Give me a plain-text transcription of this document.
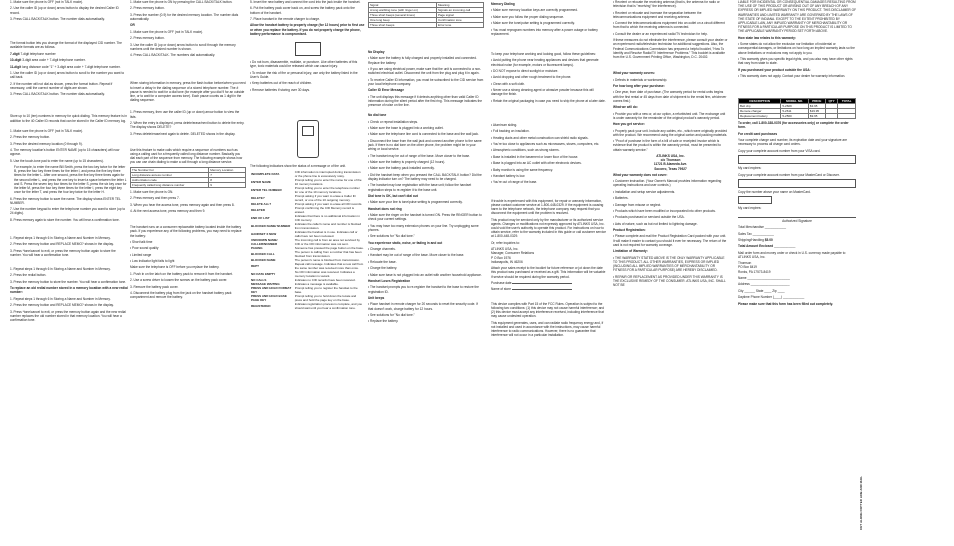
1. Make sure the phone is OFF (not in TALK mode).

2. Use the caller ID (up or down) arrow button to display the desired Caller ID record.

3. Press CALL BACK/TALK button. The number dials automatically.

The format button lets you change the format of the displayed CID number. The available formats are as follows.

7-digit 7-digit telephone number

10-digit 3-digit area code + 7-digit telephone number.

11-digit long distance code "1" + 3-digit area code + 7-digit telephone number.

1. Use the caller ID (up or down) arrow button to scroll to the number you want to call back.

2. If the number will not dial as shown, press the format button. Repeat if necessary, until the correct number of digits are shown.

3. Press CALL BACK/TALK button. The number dials automatically.

Store up to 10 (ten) numbers in memory for quick dialing. This memory feature is in addition to the 40 Caller ID records that can be stored in the Caller ID memory log.

1. Make sure the phone is OFF (not in TALK mode).

2. Press the memory button.

3. Press the desired memory location (0 through 9).

4. The memory location's button ENTER NAME (up to 15 characters) will now appear.

5. Use the touch-tone pad to enter the name (up to 15 characters).

For example, to enter the name Bill Smith, press the two key twice for the letter B, press the four key three times for the letter I, and press the five key three times for the letter L. After one second, press the five key three times again for the second letter L, and press the one key to insert a space between the letter L and S. Press the seven key four times for the letter S, press the six key once for the letter M, press the four key three times for the letter I, press the eight key once for the letter T, and press the four key twice for the letter H.

6. Press the memory button to save the name. The display shows ENTER TEL NUMBER.

7. Use the number keypad to enter the telephone number you want to store (up to 24 digits).

8. Press memory again to store the number. You will hear a confirmation tone.

1. Repeat steps 1 through 6 in Storing a Name and Number in Memory.

2. Press the memory button and REPLACE MEMO? shows in the display.

3. Press *tone/cancel to exit, or press the memory button again to store the number. You will hear a confirmation tone.

1. Repeat steps 1 through 6 in Storing a Name and Number in Memory.

2. Press the redial button.

3. Press the memory button to store the number. You will hear a confirmation tone.

To replace an old redial number stored in a memory location with a new redial number:

1. Repeat steps 1 through 6 in Storing a Name and Number in Memory.

2. Press the memory button and REPLACE MEMO? shows in the display.

3. Press *tone/cancel to exit, or press the memory button again and the new redial number replaces the old number stored in that memory location. You will hear a confirmation tone.

1. Make sure the phone is ON by pressing the CALL BACK/TALK button.

2. Press memory button.

3. Press the number (0-9) for the desired memory location. The number dials automatically.

OR

1. Make sure the phone is OFF (not in TALK mode).

2. Press memory button.

3. Use the caller ID (up or down) arrow button to scroll through the memory numbers until the desired number is shown.

4. Press CALL BACK/TALK. The numbers dial automatically.

When storing information in memory, press the flash button before/when you need to insert a delay in the dialing sequence of a stored telephone number. The # pause is needed to wait for a dial tone (for example after you dial 9 for an outside line, or to wait for a computer access tone). Each pause counts as 1 digit in the dialing sequence.

1. Press memory, then use the caller ID (up or down) arrow button to view the lists.

2. When the entry is displayed, press delete/erase/next button to delete the entry. The display shows DELETE?

3. Press delete/erase/next again to delete. DELETED shows in the display.

Use this feature to make calls which require a sequence of numbers such as using a calling card for a frequently called long distance number. Basically you dial each part of the sequence from memory. The following example shows how you can use chain dialing to make a call through a long distance service.

The Number For	Memory Location
Long distance access number	7
Authorization code	8
Frequently called long distance number	9

1. Make sure the phone is ON.

2. Press memory and then press 7.

3. When you hear the access tone, press memory again and then press 8.

4. At the next access tone, press memory and then 9.

The handset runs on a consumer replaceable battery located inside the battery pack. If you experience any of the following problems, you may need to replace the battery:

• Short talk time

• Poor sound quality

• Limited range

• Low indicator light fails to light

Make sure the telephone is OFF before you replace the battery.

1. Push in on the latch on the battery pack to remove it from the handset.

2. Use a screw driver to loosen the screws on the battery pack cover.

3. Remove the battery pack cover.

4. Disconnect the battery plug from the jack on the handset battery pack compartment and remove the battery.

5. Insert the new battery and connect the cord into the jack inside the handset.

6. Put the battery pack cover back on, and screw the battery pack onto the bottom of the handset.

7. Place handset in the remote charger to charge.

Allow the handset battery to properly charge (for 12 hours) prior to first use or when you replace the battery. If you do not properly charge the phone, battery performance is compromised.

• Do not burn, disassemble, mutilate, or puncture. Like other batteries of this type, toxic materials could be released which can cause injury.

• To reduce the risk of fire or personal injury, use only the battery listed in the User's Guide.

• Keep batteries out of the reach of children.

• Remove batteries if storing over 30 days.

The following indicators show the status of a message or of the unit.

INCOMPLETE DATA	CID information is interrupted during transmission or the phone line is excessively noisy.
ENTER NAME	Prompt telling you to enter the name for one of the 10 memory locations.
ENTER TEL NUMBER	Prompt telling you to enter the telephone number for one of the 10 memory locations.
DELETE?	Prompt asking if you want to erase a Caller ID record, or one of the 10 outgoing memory.
DELETE ALL?	Prompt asking if you want to erase all CID records.
DELETED	Prompt confirming the CID Memory record is erased.
END OF LIST	Indicates that there is no additional information in CID memory.
BLOCKED NAME/ NUMBER	Indicates the caller's name and number is blocked from transmission.
HANDSET X NEW	Indicates the handset is in use. Indicates call or calls have not been reviewed.
UNKNOWN NAME/ CALLER/NUMBER	The incoming call is from an area not serviced by CID or the CID information was not sent.
PAGING	Someone has pressed the page button on the base.
BLOCKED CALL	The person is calling from a number that has been blocked from transmission.
BLOCKED NAME	The person's name is blocked from transmission.
REPT	Repeat call message. Indicates that a new call from the same number was received more than once.
NO DATA EMPTY	No CID information was received. Indicates a memory location is vacant.
NO CALLS	Indicates no CID records have been received.
MESSAGE WAITING	Indicates a message is available.
PRESS AND HOLD FORMAT KEY	Prompt telling you to register the handset to the base.
PRESS AND HOLD BASE PAGE KEY	Prompt telling you to hold down the locate and press and hold the page key on the base.
REGISTERED	Indicates registration process is complete, and you should wait until you hear a confirmation tone.
Signal	Meaning
A long warbling tone (with ringer on)	Signals an incoming call
Three short beeps (several times)	Page signal
One long beep	Confirmation tone
Three short beeps	Error tone

No Display

• Make sure the battery is fully charged and properly installed and connected. Replace the battery.

• If you are using electrical power, make sure that the unit is connected to a non-switched electrical outlet. Disconnect the unit from the plug and plug it in again.

• To receive Caller ID information, you must be subscribed to the CID service from your local telephone company.

Caller ID Error Message

• The unit displays this message if it detects anything other than valid Caller ID information during the silent period after the first ring. This message indicates the presence of noise on the line.

No dial tone

• Check or repeat installation steps.

• Make sure the base is plugged into a working outlet.

• Make sure the telephone line cord is connected to the base and the wall jack.

• Disconnect the base from the wall jack and connect another phone to the same jack. If there is no dial tone on the other phone, the problem might be in your wiring or local service.

• The handset may be out of range of the base. Move closer to the base.

• Make sure the battery is properly charged (12 hours).

• Make sure the battery pack installed correctly.

• Did the handset beep when you pressed the CALL BACK/TALK button? Did the display indicator turn on? The battery may need to be charged.

• The handset may lose registration with the base unit; follow the handset registration steps to re-register it to the base unit.

Dial tone is OK, but can't dial out

• Make sure your line is tone/pulse setting is programmed correctly.

Handset does not ring

• Make sure the ringer on the handset is turned ON. Press the RINGER button to check your current settings.

• You may have too many extension phones on your line. Try unplugging some phones.

• See solutions for "No dial tone."

You experience static, noise, or fading in and out

• Change channels.

• Handset may be out of range of the base. Move closer to the base.

• Relocate the base.

• Charge the battery.

• Make sure base is not plugged into an outlet with another household appliance.

Handset Loses Registration

• The handset prompts you to re-register the handset to the base to restore the registration ID.

Unit beeps

• Place handset in remote charger for 20 seconds to reset the security code. If that doesn't work, charge battery for 12 hours.

• See solutions for "No dial tone."

• Replace the battery.

Memory Dialing

• Make sure memory location keys are correctly programmed.

• Make sure you follow the proper dialing sequence.

• Make sure the tone/pulse setting is programmed correctly.

• You must reprogram numbers into memory after a power outage or battery replacement.

To keep your telephone working and looking good, follow these guidelines:

• Avoid putting the phone near heating appliances and devices that generate electrical noise (for example, motors or fluorescent lamps).

• DO NOT expose to direct sunlight or moisture.

• Avoid dropping and other rough treatment to the phone.

• Clean with a soft cloth.

• Never use a strong cleaning agent or abrasive powder because this will damage the finish.

• Retain the original packaging in case you need to ship the phone at a later date.

• Aluminum siding.

• Foil backing on insulation.

• Heating ducts and other metal construction can shield radio signals.

• You're too close to appliances such as microwaves, stoves, computers, etc.

• Atmospheric conditions, such as strong storms.

• Base is installed in the basement or lower floor of the house.

• Base is plugged into an AC outlet with other electronic devices.

• Baby monitor is using the same frequency.

• Handset battery is low.

• You're out of range of the base.

If trouble is experienced with this equipment, for repair or warranty information, please contact customer service at 1-800-448-0329. If the equipment is causing harm to the telephone network, the telephone company may request that you disconnect the equipment until the problem is resolved.

This product may be serviced only by the manufacturer or its authorized service agents. Changes or modifications not expressly approved by ATLINKS USA, Inc. could void the user's authority to operate this product. For instructions on how to obtain service, refer to the warranty included in this guide or call customer service at 1-800-448-0329.

Or, refer inquiries to:

ATLINKS USA, Inc.

Manager, Consumer Relations

P O Box 1976

Indianapolis, IN 46206

Attach your sales receipt to the booklet for future reference or jot down the date this product was purchased or received as a gift. This information will be valuable if service should be required during the warranty period.

Purchase date

Name of store

This device complies with Part 15 of the FCC Rules. Operation is subject to the following two conditions: (1) this device may not cause harmful interference; and (2) this device must accept any interference received, including interference that may cause undesired operation.

This equipment generates, uses, and can radiate radio frequency energy and, if not installed and used in accordance with the instructions, may cause harmful interference to radio communications. However, there is no guarantee that interference will not occur in a particular installation.

• Reorient or relocate the receiving antenna (that is, the antenna for radio or television that is "receiving" the interference).

• Reorient or relocate and increase the separation between the telecommunications equipment and receiving antenna.

• Connect the telecommunications equipment into an outlet on a circuit different from that to which the receiving antenna is connected.

• Consult the dealer or an experienced radio/TV technician for help.

If these measures do not eliminate the interference, please consult your dealer or an experienced radio/television technician for additional suggestions. Also, the Federal Communications Commission has prepared a helpful booklet, "How To Identify and Resolve Radio/TV Interference Problems." This booklet is available from the U.S. Government Printing Office, Washington, D.C. 20402.

What your warranty covers:

• Defects in materials or workmanship.

For how long after your purchase:

• One year, from date of purchase. (The warranty period for rental units begins with the first rental or 45 days from date of shipment to the rental firm, whichever comes first.)

What we will do:

• Provide you with a new or, at our option, a refurbished unit. The exchange unit is under warranty for the remainder of the original product's warranty period.

How you get service:

• Properly pack your unit. Include any cables, etc., which were originally provided with the product. We recommend using the original carton and packing materials.

• "Proof of purchase in the form of a bill of sale or receipted invoice which is evidence that the product is within the warranty period, must be presented to obtain warranty service."

ATLINKS USA, Inc.
c/o Thomson
11721 B Alameda Ave.
Socorro, Texas 79927

What your warranty does not cover:

• Customer instruction. (Your Owner's Manual provides information regarding operating instructions and user controls.)

• Installation and setup service adjustments.

• Batteries.

• Damage from misuse or neglect.

• Products which have been modified or incorporated into other products.

• Products purchased or serviced outside the USA.

• Acts of nature, such as but not limited to lightning damage.

Product Registration:

• Please complete and mail the Product Registration Card packed with your unit. It will make it easier to contact you should it ever be necessary. The return of the card is not required for warranty coverage.

Limitation of Warranty:

• THE WARRANTY STATED ABOVE IS THE ONLY WARRANTY APPLICABLE TO THIS PRODUCT. ALL OTHER WARRANTIES, EXPRESS OR IMPLIED (INCLUDING ALL IMPLIED WARRANTIES OF MERCHANTABILITY OR FITNESS FOR A PARTICULAR PURPOSE) ARE HEREBY DISCLAIMED.

• REPAIR OR REPLACEMENT AS PROVIDED UNDER THIS WARRANTY IS THE EXCLUSIVE REMEDY OF THE CONSUMER. ATLINKS USA, INC. SHALL NOT BE

LIABLE FOR INCIDENTAL OR CONSEQUENTIAL DAMAGES RESULTING FROM THE USE OF THIS PRODUCT OR ARISING OUT OF ANY BREACH OF ANY EXPRESS OR IMPLIED WARRANTY ON THIS PRODUCT. THIS DISCLAIMER OF WARRANTIES AND LIMITED WARRANTY ARE GOVERNED BY THE LAWS OF THE STATE OF INDIANA. EXCEPT TO THE EXTENT PROHIBITED BY APPLICABLE LAW, ANY IMPLIED WARRANTY OF MERCHANTABILITY OR FITNESS FOR A PARTICULAR PURPOSE ON THIS PRODUCT IS LIMITED TO THE APPLICABLE WARRANTY PERIOD SET FORTH ABOVE.

How state law relates to this warranty:

• Some states do not allow the exclusion nor limitation of incidental or consequential damages, or limitations on how long an implied warranty lasts so the above limitations or exclusions may not apply to you.

• This warranty gives you specific legal rights, and you also may have other rights that vary from state to state.

If you purchased your product outside the USA:

• This warranty does not apply. Contact your dealer for warranty information.

DESCRIPTION	MODEL NO.	PRICE	QTY	TOTAL
Belt clip	5-2609	$3.95		
Remote charger	5-2611	$19.95		
Replacement battery	5-2560	$9.95		

To order, call 1-800-338-0376 (for accessories only) or complete the order form.

For credit card purchases

Your complete charge card number, its expiration date and your signature are necessary to process all charge card orders.

Copy your complete account number from your VISA card.

My card expires:

Copy your complete account number from your MasterCard or Discover.

Copy the number above your name on MasterCard.

My card expires:

Authorized Signature

Total Merchandise ____________

Sales Tax ____________

Shipping/Handling $5.00

Total Amount Enclosed ____________

Mail order form and money order or check in U.S. currency made payable to ATLINKS USA, Inc.

Thomson

PO Box 8419

Ronks, PA 17573-8419

Name ________________________

Address ______________________

City ______ State ____ Zip ____

Daytime Phone Number (____) ____________

Please make sure that this form has been filled out completely.

CUT ALONG DOTTED LINE AND MAIL
